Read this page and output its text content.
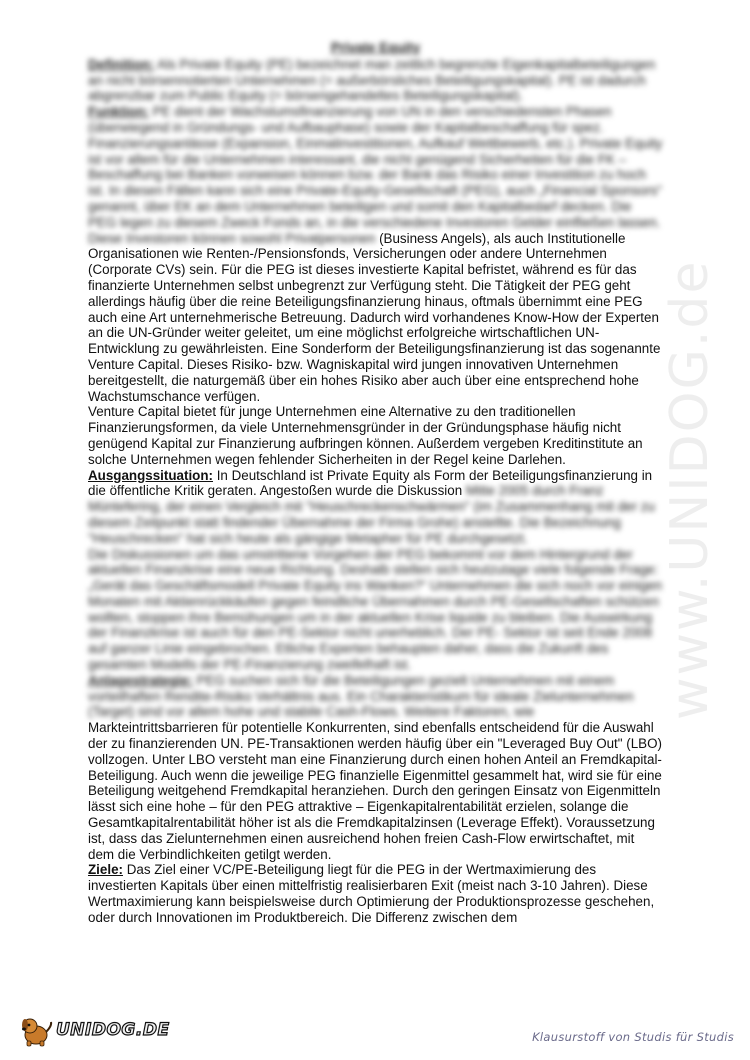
www.UNIDOG.de
Private Equity

Definition: Als Private Equity (PE) bezeichnet man zeitlich begrenzte Eigenkapitalbeteiligungen an nicht börsennotierten Unternehmen (= außerbörsliches Beteiligungskapital). PE ist dadurch abgrenzbar zum Public Equity (= börsengehandeltes Beteiligungskapital).

Funktion: PE dient der Wachstumsfinanzierung von UN in den verschiedensten Phasen (überwiegend in Gründungs- und Aufbauphase) sowie der Kapitalbeschaffung für spez. Finanzierungsanlässe (Expansion, Einmalinvestitionen, Aufkauf Wettbewerb, etc.). Private Equity ist vor allem für die Unternehmen interessant, die nicht genügend Sicherheiten für die FK – Beschaffung bei Banken vorweisen können bzw. der Bank das Risiko einer Investition zu hoch ist. In diesen Fällen kann sich eine Private-Equity-Gesellschaft (PEG), auch „Financial Sponsors“ genannt, über EK an dem Unternehmen beteiligen und somit den Kapitalbedarf decken. Die PEG legen zu diesem Zweck Fonds an, in die verschiedene Investoren Gelder einfließen lassen. Diese Investoren können sowohl Privatpersonen (Business Angels), als auch Institutionelle Organisationen wie Renten-/Pensionsfonds, Versicherungen oder andere Unternehmen (Corporate CVs) sein. Für die PEG ist dieses investierte Kapital befristet, während es für das finanzierte Unternehmen selbst unbegrenzt zur Verfügung steht. Die Tätigkeit der PEG geht allerdings häufig über die reine Beteiligungsfinanzierung hinaus, oftmals übernimmt eine PEG auch eine Art unternehmerische Betreuung. Dadurch wird vorhandenes Know-How der Experten an die UN-Gründer weiter geleitet, um eine möglichst erfolgreiche wirtschaftlichen UN-Entwicklung zu gewährleisten. Eine Sonderform der Beteiligungsfinanzierung ist das sogenannte Venture Capital. Dieses Risiko- bzw. Wagniskapital wird jungen innovativen Unternehmen bereitgestellt, die naturgemäß über ein hohes Risiko aber auch über eine entsprechend hohe Wachstumschance verfügen.

Venture Capital bietet für junge Unternehmen eine Alternative zu den traditionellen Finanzierungsformen, da viele Unternehmensgründer in der Gründungsphase häufig nicht genügend Kapital zur Finanzierung aufbringen können. Außerdem vergeben Kreditinstitute an solche Unternehmen wegen fehlender Sicherheiten in der Regel keine Darlehen.

Ausgangssituation: In Deutschland ist Private Equity als Form der Beteiligungsfinanzierung in die öffentliche Kritik geraten. Angestoßen wurde die Diskussion Mitte 2005 durch Franz Müntefering, der einen Vergleich mit "Heuschreckenschwärmen" (im Zusammenhang mit der zu diesem Zeitpunkt statt findender Übernahme der Firma Grohe) anstellte. Die Bezeichnung "Heuschrecken" hat sich heute als gängige Metapher für PE durchgesetzt.

Die Diskussionen um das umstrittene Vorgehen der PEG bekommt vor dem Hintergrund der aktuellen Finanzkrise eine neue Richtung. Deshalb stellen sich heutzutage viele folgende Frage: „Gerät das Geschäftsmodell Private Equity ins Wanken?“ Unternehmen die sich noch vor einigen Monaten mit Aktienrückkäufen gegen feindliche Übernahmen durch PE-Gesellschaften schützen wollten, stoppen ihre Bemühungen um in der aktuellen Krise liquide zu bleiben. Die Auswirkung der Finanzkrise ist auch für den PE-Sektor nicht unerheblich. Der PE- Sektor ist seit Ende 2008 auf ganzer Linie eingebrochen. Etliche Experten behaupten daher, dass die Zukunft des gesamten Modells der PE-Finanzierung zweifelhaft ist.

Anlagestrategie: PEG suchen sich für die Beteiligungen gezielt Unternehmen mit einem vorteilhaften Rendite-Risiko Verhältnis aus. Ein Charakteristikum für ideale Zielunternehmen (Target) sind vor allem hohe und stabile Cash-Flows. Weitere Faktoren, wie Markteintrittsbarrieren für potentielle Konkurrenten, sind ebenfalls entscheidend für die Auswahl der zu finanzierenden UN. PE-Transaktionen werden häufig über ein "Leveraged Buy Out" (LBO) vollzogen. Unter LBO versteht man eine Finanzierung durch einen hohen Anteil an Fremdkapital-Beteiligung. Auch wenn die jeweilige PEG finanzielle Eigenmittel gesammelt hat, wird sie für eine Beteiligung weitgehend Fremdkapital heranziehen. Durch den geringen Einsatz von Eigenmitteln lässt sich eine hohe – für den PEG attraktive – Eigenkapitalrentabilität erzielen, solange die Gesamtkapitalrentabilität höher ist als die Fremdkapitalzinsen (Leverage Effekt). Voraussetzung ist, dass das Zielunternehmen einen ausreichend hohen freien Cash-Flow erwirtschaftet, mit dem die Verbindlichkeiten getilgt werden.

Ziele: Das Ziel einer VC/PE-Beteiligung liegt für die PEG in der Wertmaximierung des investierten Kapitals über einen mittelfristig realisierbaren Exit (meist nach 3-10 Jahren). Diese Wertmaximierung kann beispielsweise durch Optimierung der Produktionsprozesse geschehen, oder durch Innovationen im Produktbereich. Die Differenz zwischen dem

UNIDOG.DE	Klausurstoff von Studis für Studis
